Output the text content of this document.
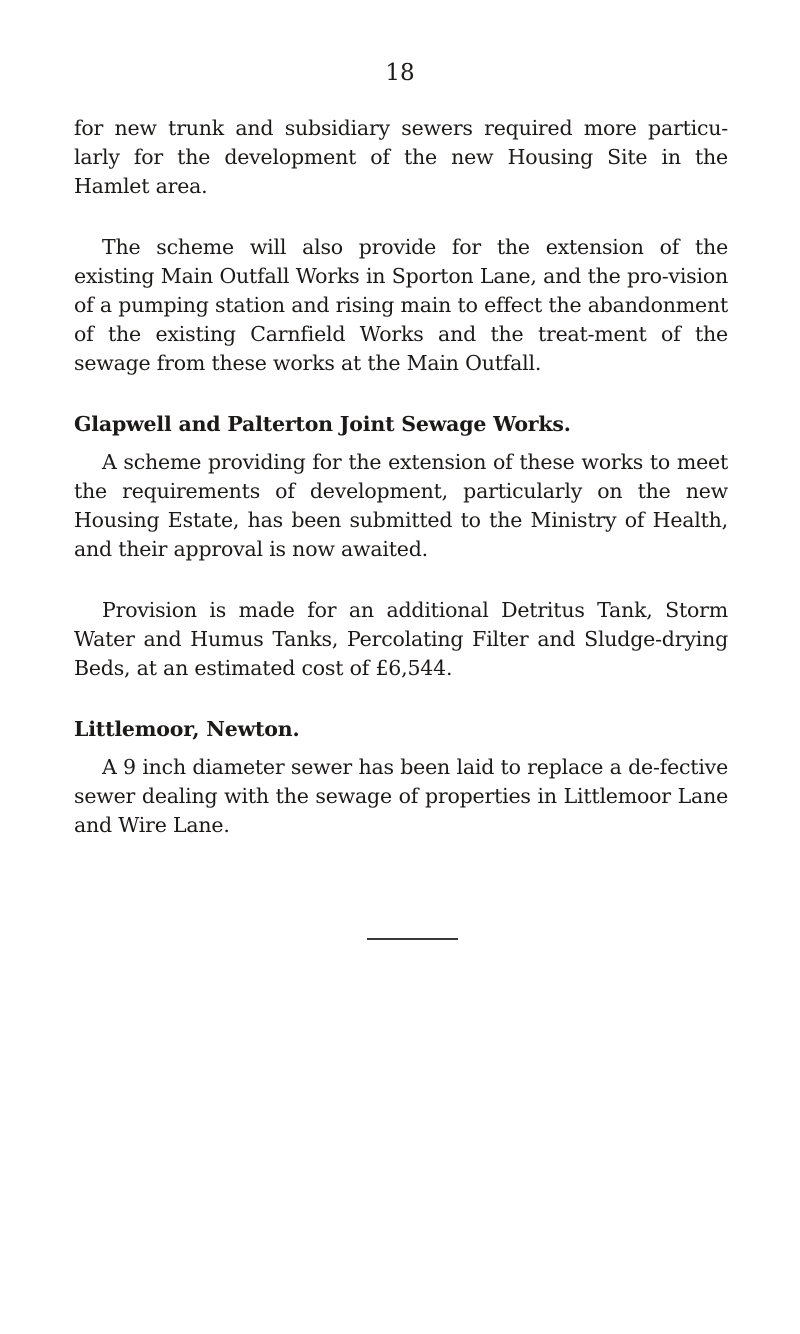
18

for new trunk and subsidiary sewers required more particu-larly for the development of the new Housing Site in the Hamlet area.

The scheme will also provide for the extension of the existing Main Outfall Works in Sporton Lane, and the pro-vision of a pumping station and rising main to effect the abandonment of the existing Carnfield Works and the treat-ment of the sewage from these works at the Main Outfall.

Glapwell and Palterton Joint Sewage Works.

A scheme providing for the extension of these works to meet the requirements of development, particularly on the new Housing Estate, has been submitted to the Ministry of Health, and their approval is now awaited.

Provision is made for an additional Detritus Tank, Storm Water and Humus Tanks, Percolating Filter and Sludge-drying Beds, at an estimated cost of £6,544.

Littlemoor, Newton.

A 9 inch diameter sewer has been laid to replace a de-fective sewer dealing with the sewage of properties in Littlemoor Lane and Wire Lane.
